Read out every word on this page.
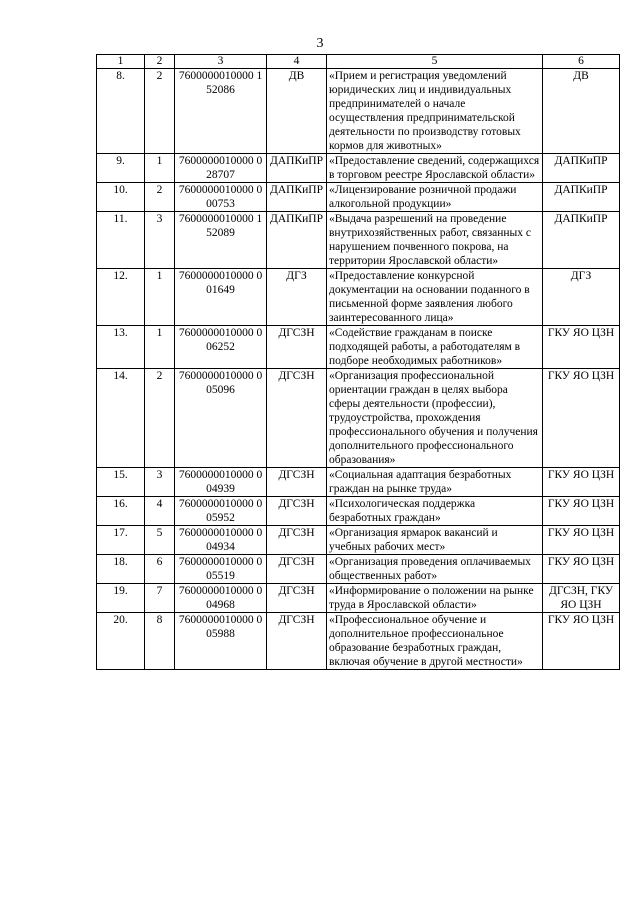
3
1	2	3	4	5	6
8.	2	7600000010000 152086	ДВ	«Прием и регистрация уведомлений юридических лиц и индивидуальных предпринимателей о начале осуществления предпринимательской деятельности по производству готовых кормов для животных»	ДВ
9.	1	7600000010000 028707	ДАПКиПР	«Предоставление сведений, содержащихся в торговом реестре Ярославской области»	ДАПКиПР
10.	2	7600000010000 000753	ДАПКиПР	«Лицензирование розничной продажи алкогольной продукции»	ДАПКиПР
11.	3	7600000010000 152089	ДАПКиПР	«Выдача разрешений на проведение внутрихозяйственных работ, связанных с нарушением почвенного покрова, на территории Ярославской области»	ДАПКиПР
12.	1	7600000010000 001649	ДГЗ	«Предоставление конкурсной документации на основании поданного в письменной форме заявления любого заинтересованного лица»	ДГЗ
13.	1	7600000010000 006252	ДГСЗН	«Содействие гражданам в поиске подходящей работы, а работодателям в подборе необходимых работников»	ГКУ ЯО ЦЗН
14.	2	7600000010000 005096	ДГСЗН	«Организация профессиональной ориентации граждан в целях выбора сферы деятельности (профессии), трудоустройства, прохождения профессионального обучения и получения дополнительного профессионального образования»	ГКУ ЯО ЦЗН
15.	3	7600000010000 004939	ДГСЗН	«Социальная адаптация безработных граждан на рынке труда»	ГКУ ЯО ЦЗН
16.	4	7600000010000 005952	ДГСЗН	«Психологическая поддержка безработных граждан»	ГКУ ЯО ЦЗН
17.	5	7600000010000 004934	ДГСЗН	«Организация ярмарок вакансий и учебных рабочих мест»	ГКУ ЯО ЦЗН
18.	6	7600000010000 005519	ДГСЗН	«Организация проведения оплачиваемых общественных работ»	ГКУ ЯО ЦЗН
19.	7	7600000010000 004968	ДГСЗН	«Информирование о положении на рынке труда в Ярославской области»	ДГСЗН, ГКУ ЯО ЦЗН
20.	8	7600000010000 005988	ДГСЗН	«Профессиональное обучение и дополнительное профессиональное образование безработных граждан, включая обучение в другой местности»	ГКУ ЯО ЦЗН
